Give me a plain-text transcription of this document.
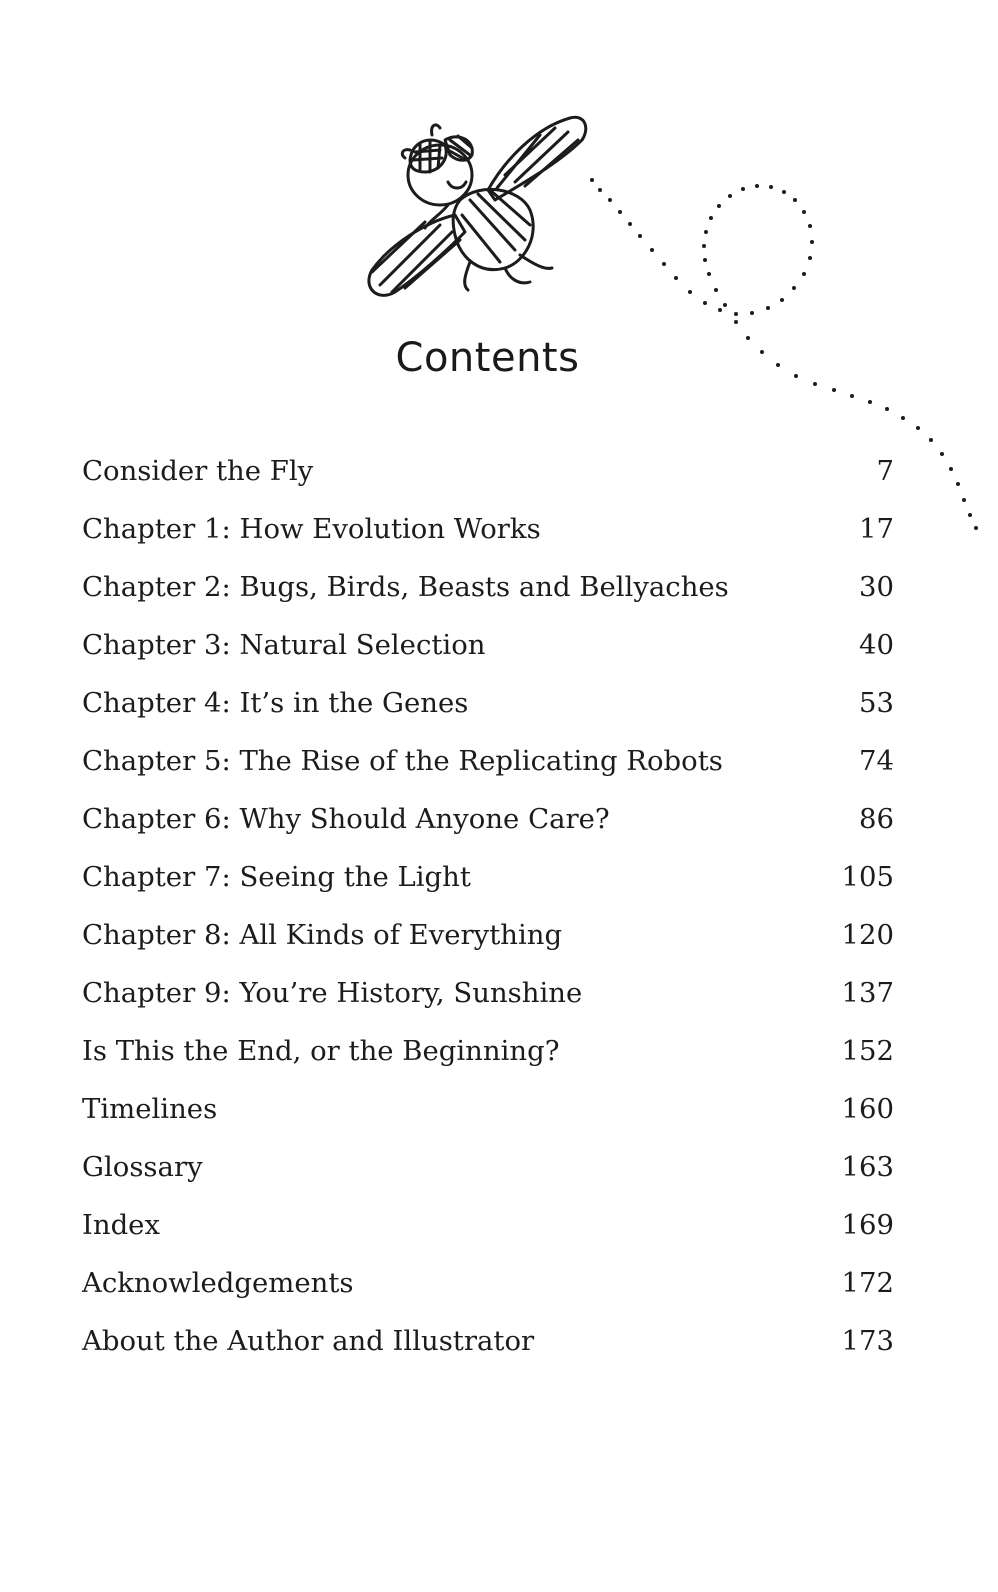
Contents
Consider the Fly	7
Chapter 1: How Evolution Works	17
Chapter 2: Bugs, Birds, Beasts and Bellyaches	30
Chapter 3: Natural Selection	40
Chapter 4: It’s in the Genes	53
Chapter 5: The Rise of the Replicating Robots	74
Chapter 6: Why Should Anyone Care?	86
Chapter 7: Seeing the Light	105
Chapter 8: All Kinds of Everything	120
Chapter 9: You’re History, Sunshine	137
Is This the End, or the Beginning?	152
Timelines	160
Glossary	163
Index	169
Acknowledgements	172
About the Author and Illustrator	173
